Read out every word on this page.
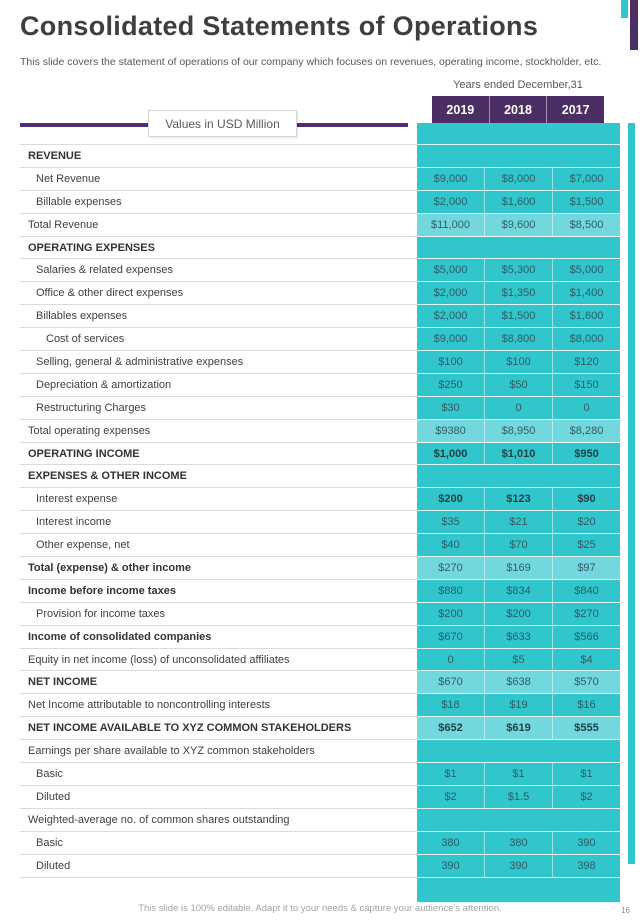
Consolidated Statements of Operations

This slide covers the statement of operations of our company which focuses on revenues, operating income, stockholder, etc.

Years ended December,31
2019	2018	2017
Values in USD Million
REVENUE
Net Revenue	$9,000	$8,000	$7,000
Billable expenses	$2,000	$1,600	$1,500
Total Revenue	$11,000	$9,600	$8,500
OPERATING EXPENSES
Salaries & related expenses	$5,000	$5,300	$5,000
Office & other direct expenses	$2,000	$1,350	$1,400
Billables expenses	$2,000	$1,500	$1,600
Cost of services	$9,000	$8,800	$8,000
Selling, general & administrative expenses	$100	$100	$120
Depreciation & amortization	$250	$50	$150
Restructuring Charges	$30	0	0
Total operating expenses	$9380	$8,950	$8,280
OPERATING INCOME	$1,000	$1,010	$950
EXPENSES & OTHER INCOME
Interest expense	$200	$123	$90
Interest income	$35	$21	$20
Other expense, net	$40	$70	$25
Total (expense) & other income	$270	$169	$97
Income before income taxes	$880	$834	$840
Provision for income taxes	$200	$200	$270
Income of consolidated companies	$670	$633	$566
Equity in net income (loss) of unconsolidated affiliates	0	$5	$4
NET INCOME	$670	$638	$570
Net Income attributable to noncontrolling interests	$18	$19	$16
NET INCOME AVAILABLE TO XYZ COMMON STAKEHOLDERS	$652	$619	$555
Earnings per share available to XYZ common stakeholders
Basic	$1	$1	$1
Diluted	$2	$1.5	$2
Weighted-average no. of common shares outstanding
Basic	380	380	390
Diluted	390	390	398
This slide is 100% editable. Adapt it to your needs & capture your audience's attention.	16
